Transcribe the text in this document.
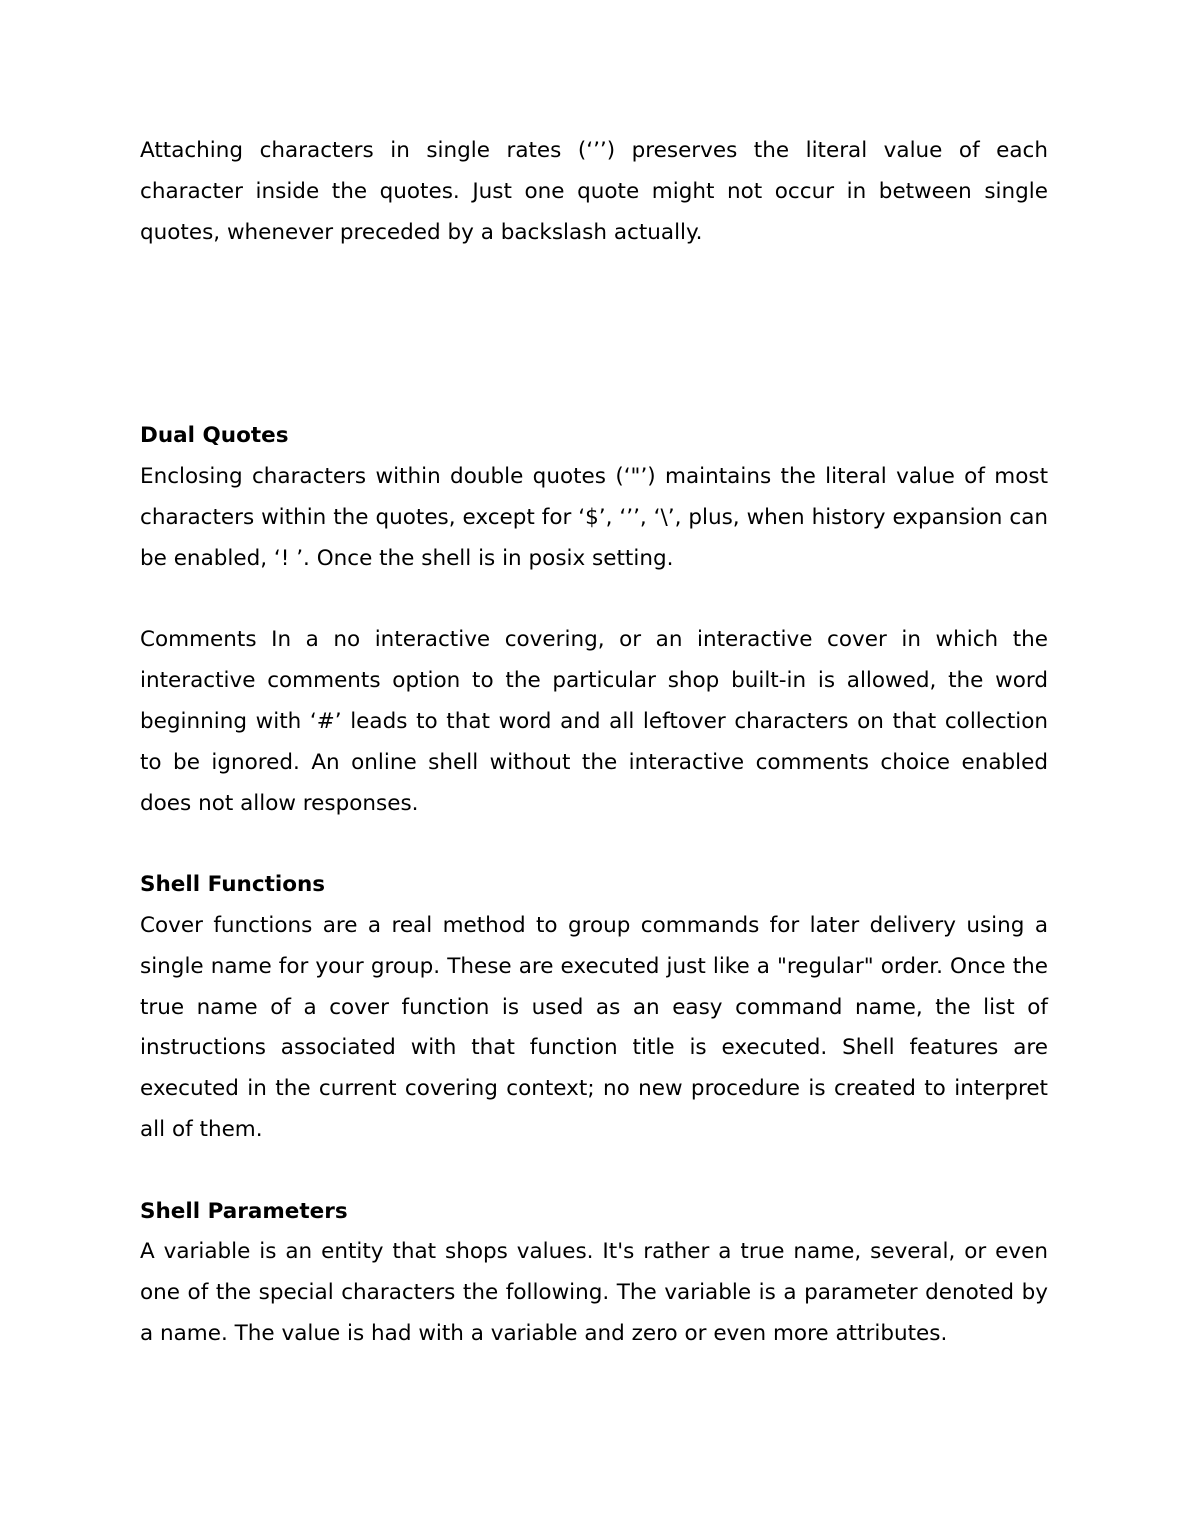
Attaching characters in single rates (‘’’) preserves the literal value of each character inside the quotes. Just one quote might not occur in between single quotes, whenever preceded by a backslash actually.

Dual Quotes

Enclosing characters within double quotes (‘"’) maintains the literal value of most characters within the quotes, except for ‘$’, ‘’’, ‘\’, plus, when history expansion can be enabled, ‘! ’. Once the shell is in posix setting.

Comments In a no interactive covering, or an interactive cover in which the interactive comments option to the particular shop built-in is allowed, the word beginning with ‘#’ leads to that word and all leftover characters on that collection to be ignored. An online shell without the interactive comments choice enabled does not allow responses.

Shell Functions

Cover functions are a real method to group commands for later delivery using a single name for your group. These are executed just like a "regular" order. Once the true name of a cover function is used as an easy command name, the list of instructions associated with that function title is executed. Shell features are executed in the current covering context; no new procedure is created to interpret all of them.

Shell Parameters

A variable is an entity that shops values. It's rather a true name, several, or even one of the special characters the following. The variable is a parameter denoted by a name. The value is had with a variable and zero or even more attributes.
